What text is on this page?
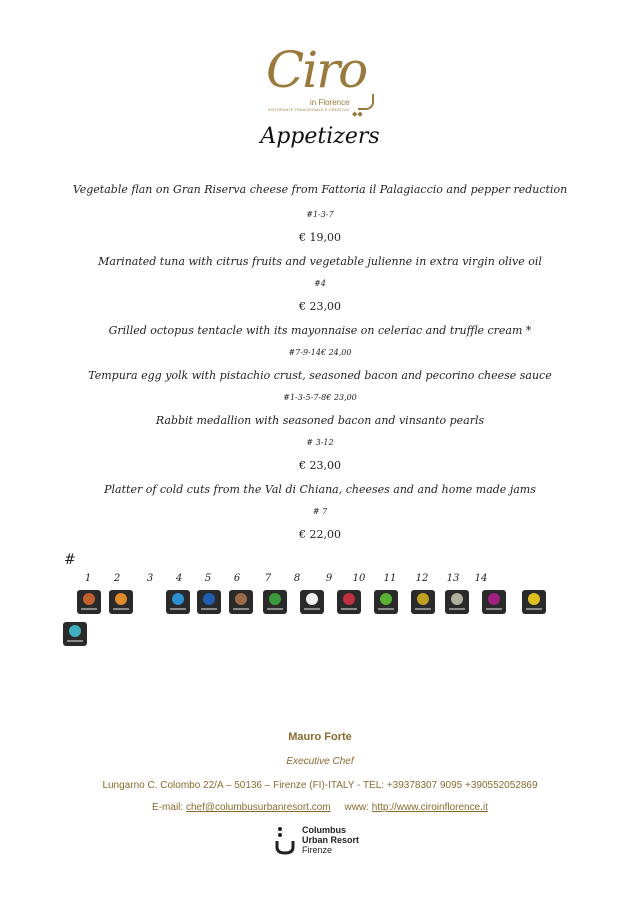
Ciro
in Florence
RISTORANTE TRADIZIONALE E CREATIVO ◆◆
Appetizers
Vegetable flan on Gran Riserva cheese from Fattoria il Palagiaccio and pepper reduction
#1-3-7
€ 19,00
Marinated tuna with citrus fruits and vegetable julienne in extra virgin olive oil
#4
€ 23,00
Grilled octopus tentacle with its mayonnaise on celeriac and truffle cream *
#7-9-14€ 24,00
Tempura egg yolk with pistachio crust, seasoned bacon and pecorino cheese sauce
#1-3-5-7-8€ 23,00
Rabbit medallion with seasoned bacon and vinsanto pearls
# 3-12
€ 23,00
Platter of cold cuts from the Val di Chiana, cheeses and and home made jams
# 7
€ 22,00
#
1	2	3	4	5	6	7	8	9	10	11	12	13	14
Mauro Forte
Executive Chef
Lungarno C. Colombo 22/A – 50136 – Firenze (FI)-ITALY - TEL: +39378307 9095 +390552052869
E-mail: chef@columbusurbanresort.com www: http://www.ciroinflorence.it
Columbus
Urban Resort
Firenze
